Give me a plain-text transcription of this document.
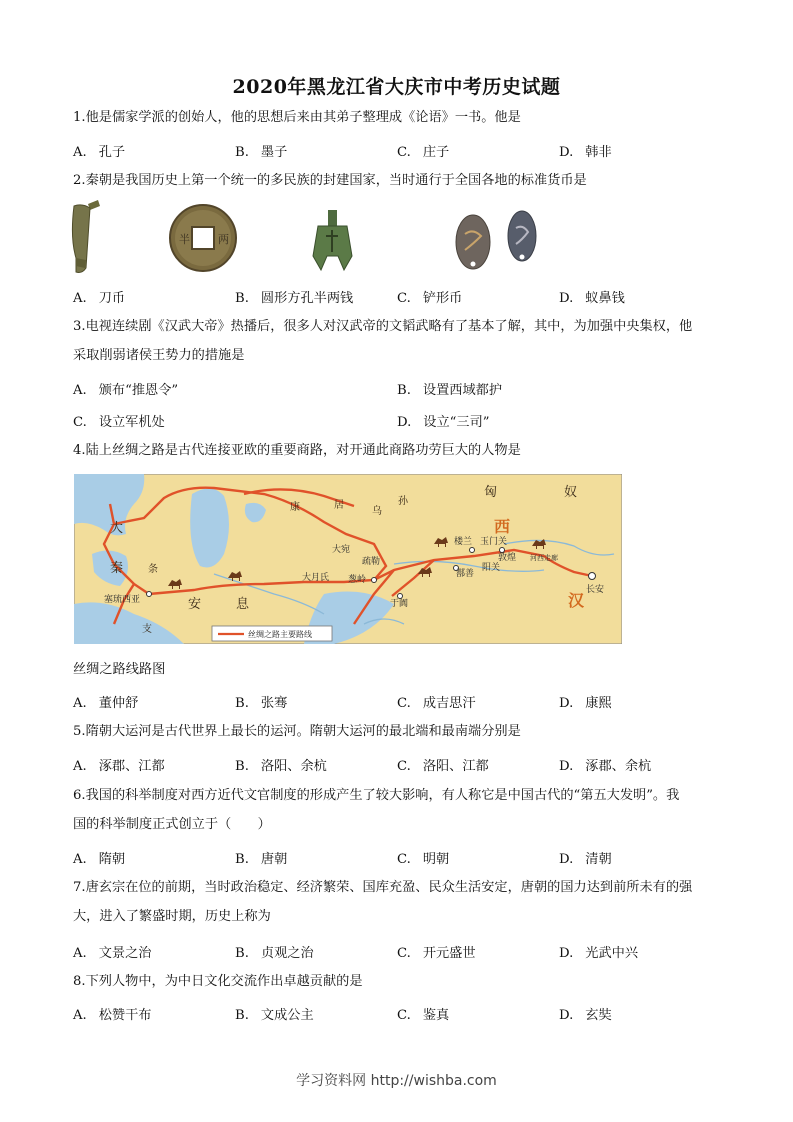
2020年黑龙江省大庆市中考历史试题
1.他是儒家学派的创始人，他的思想后来由其弟子整理成《论语》一书。他是
A. 孔子	B. 墨子	C. 庄子	D. 韩非
2.秦朝是我国历史上第一个统一的多民族的封建国家，当时通行于全国各地的标准货币是
半	两
A. 刀币	B. 圆形方孔半两钱	C. 铲形币	D. 蚁鼻钱
3.电视连续剧《汉武大帝》热播后，很多人对汉武帝的文韬武略有了基本了解，其中，为加强中央集权，他
采取削弱诸侯王势力的措施是
A. 颁布“推恩令”	B. 设置西域都护
C. 设立军机处	D. 设立“三司”
4.陆上丝绸之路是古代连接亚欧的重要商路，对开通此商路功劳巨大的人物是
匈	奴
康	居
乌
孙
大
秦
安	息
条
支
大宛
疏勒
葱岭
大月氏
塞琉西亚
楼兰 玉门关
敦煌
鄯善
阳关
河西走廊
于阗
长安
西
汉
丝绸之路主要路线
丝绸之路线路图
A. 董仲舒	B. 张骞	C. 成吉思汗	D. 康熙
5.隋朝大运河是古代世界上最长的运河。隋朝大运河的最北端和最南端分别是
A. 涿郡、江都	B. 洛阳、余杭	C. 洛阳、江都	D. 涿郡、余杭
6.我国的科举制度对西方近代文官制度的形成产生了较大影响，有人称它是中国古代的“第五大发明”。我
国的科举制度正式创立于（　　）
A. 隋朝	B. 唐朝	C. 明朝	D. 清朝
7.唐玄宗在位的前期，当时政治稳定、经济繁荣、国库充盈、民众生活安定，唐朝的国力达到前所未有的强
大，进入了繁盛时期，历史上称为
A. 文景之治	B. 贞观之治	C. 开元盛世	D. 光武中兴
8.下列人物中，为中日文化交流作出卓越贡献的是
A. 松赞干布	B. 文成公主	C. 鉴真	D. 玄奘
学习资料网 http://wishba.com
